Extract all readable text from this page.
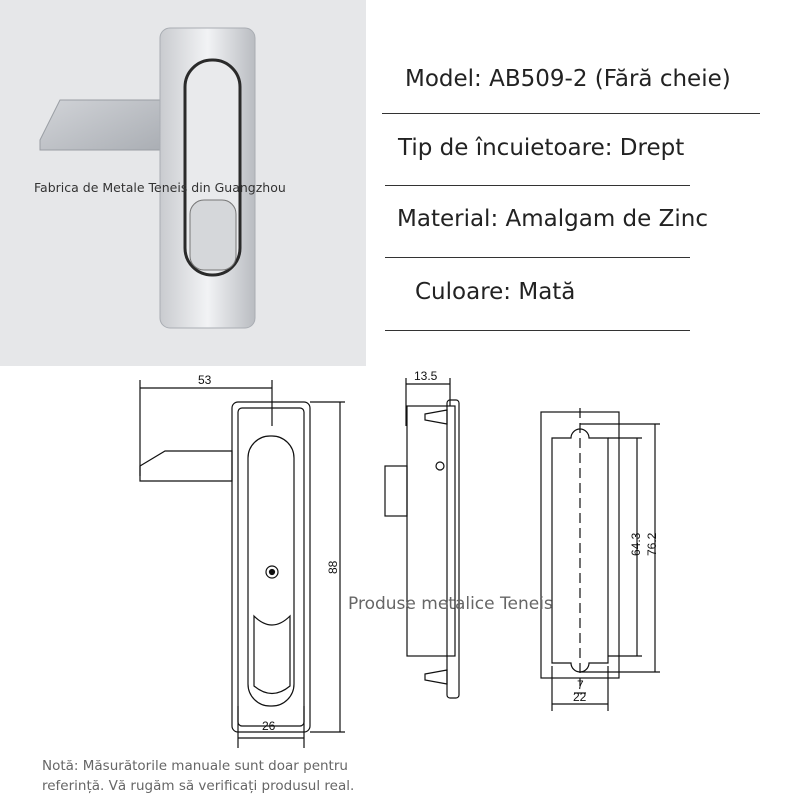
Fabrica de Metale Teneis din Guangzhou
Model: AB509-2 (Fără cheie)
Tip de încuietoare: Drept
Material: Amalgam de Zinc
Culoare: Mată
53
88
26
13.5
64.3 76.2
7
22
Produse metalice Teneis
Notă: Măsurătorile manuale sunt doar pentru
referință. Vă rugăm să verificați produsul real.
